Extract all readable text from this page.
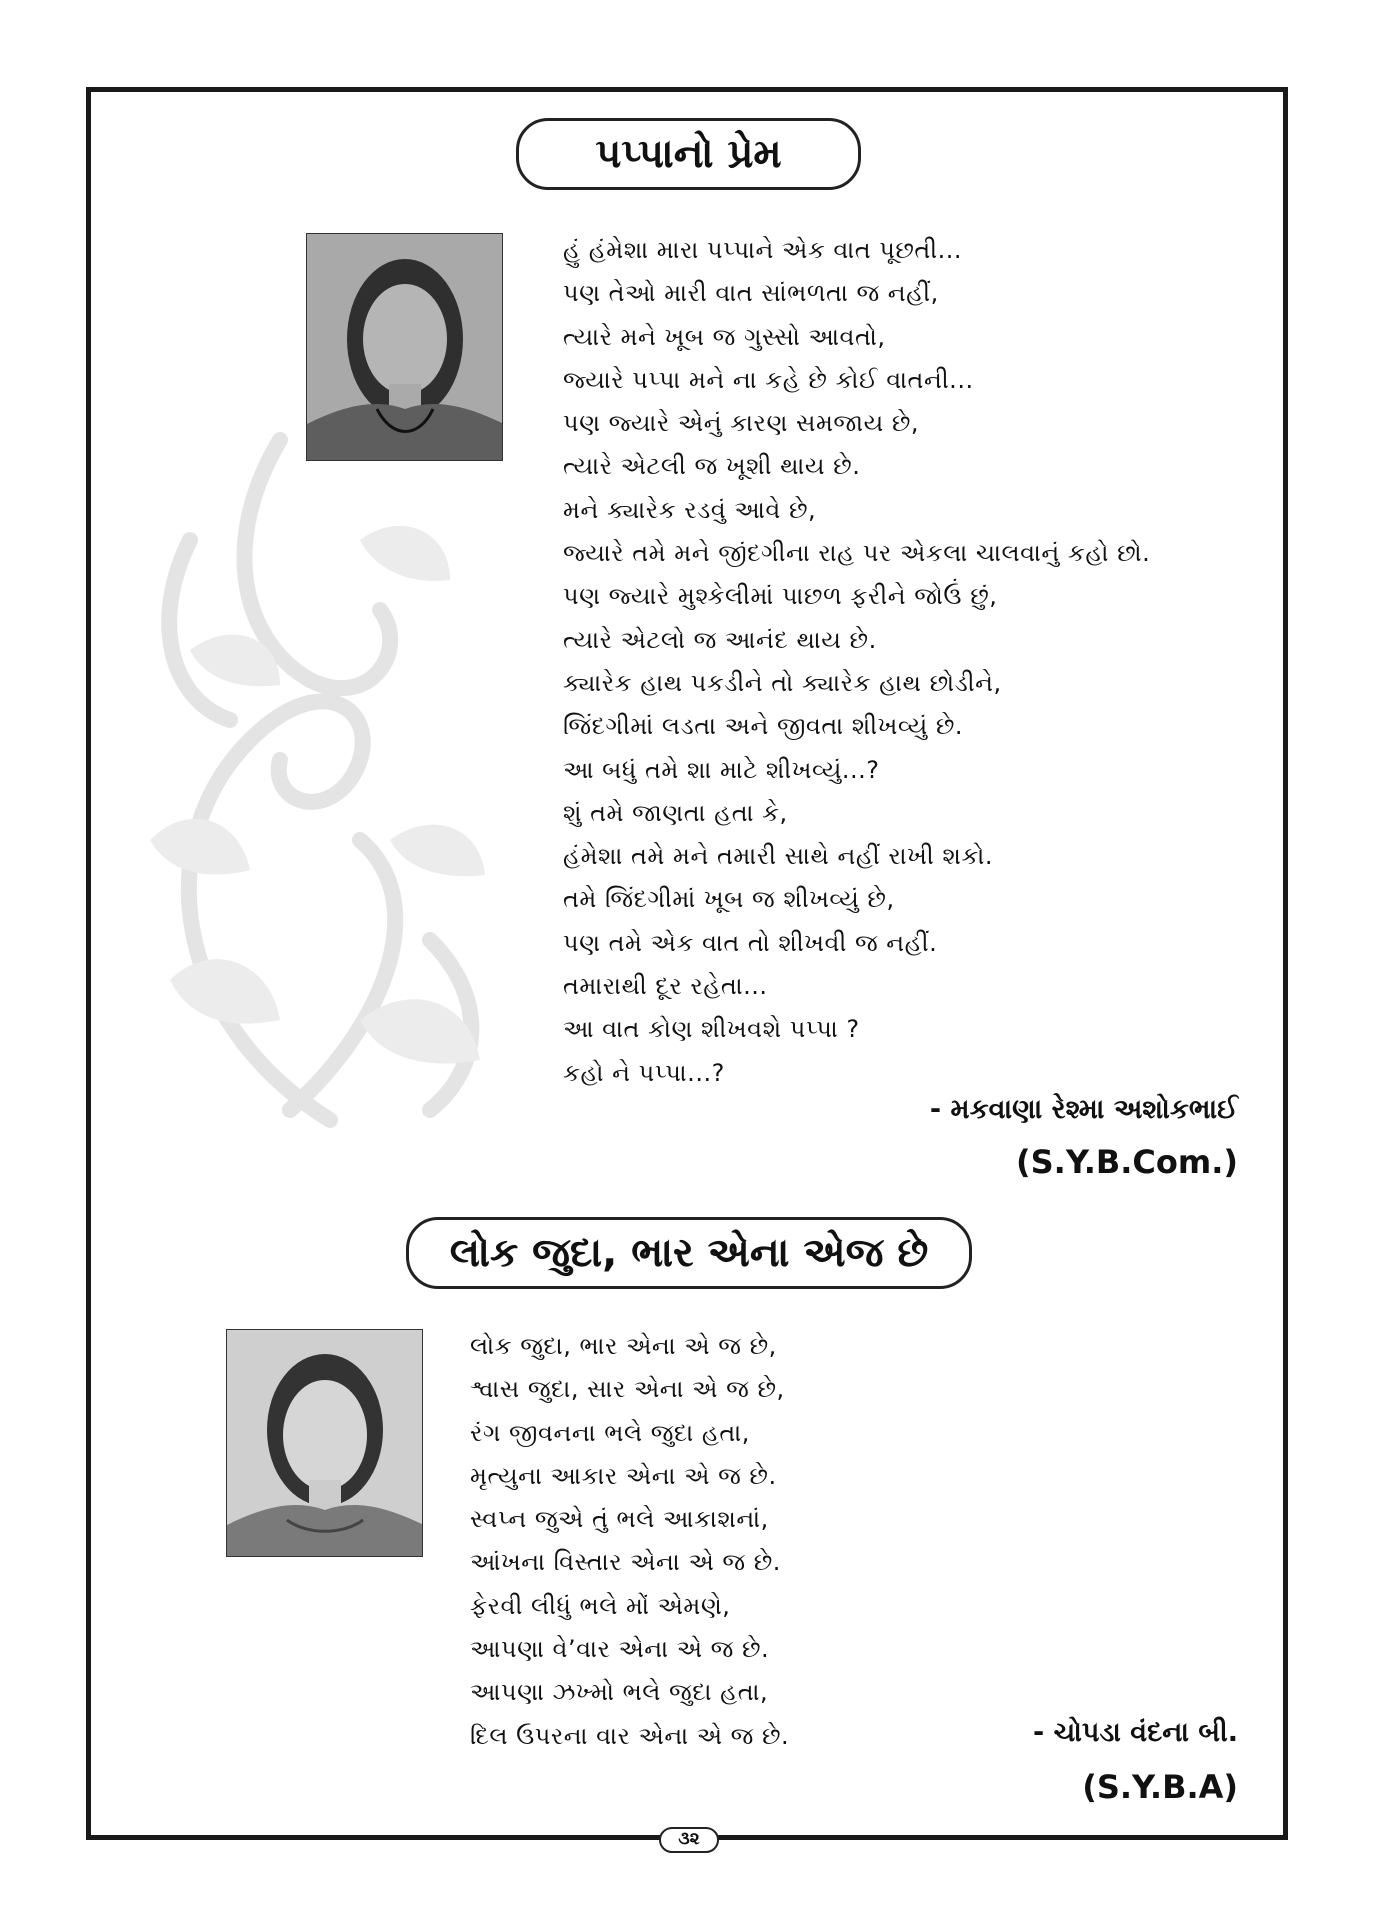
પપ્પાનો પ્રેમ
હું હંમેશા મારા પપ્પાને એક વાત પૂછતી...
પણ તેઓ મારી વાત સાંભળતા જ નહીં,
ત્યારે મને ખૂબ જ ગુસ્સો આવતો,
જ્યારે પપ્પા મને ના કહે છે કોઈ વાતની...
પણ જ્યારે એનું કારણ સમજાય છે,
ત્યારે એટલી જ ખૂશી થાય છે.
મને ક્યારેક રડવું આવે છે,
જ્યારે તમે મને જીંદગીના રાહ પર એકલા ચાલવાનું કહો છો.
પણ જ્યારે મુશ્કેલીમાં પાછળ ફરીને જોઉં છું,
ત્યારે એટલો જ આનંદ થાય છે.
ક્યારેક હાથ પકડીને તો ક્યારેક હાથ છોડીને,
જિંદગીમાં લડતા અને જીવતા શીખવ્યું છે.
આ બધું તમે શા માટે શીખવ્યું...?
શું તમે જાણતા હતા કે,
હંમેશા તમે મને તમારી સાથે નહીં રાખી શકો.
તમે જિંદગીમાં ખૂબ જ શીખવ્યું છે,
પણ તમે એક વાત તો શીખવી જ નહીં.
તમારાથી દૂર રહેતા...
આ વાત કોણ શીખવશે પપ્પા ?
કહો ને પપ્પા...?
- મકવાણા રેશ્મા અશોકભાઈ
(S.Y.B.Com.)
લોક જુદા, ભાર એના એજ છે
લોક જુદા, ભાર એના એ જ છે,
શ્વાસ જુદા, સાર એના એ જ છે,
રંગ જીવનના ભલે જુદા હતા,
મૃત્યુના આકાર એના એ જ છે.
સ્વપ્ન જુએ તું ભલે આકાશનાં,
આંખના વિસ્તાર એના એ જ છે.
ફેરવી લીધું ભલે મોં એમણે,
આપણા વે’વાર એના એ જ છે.
આપણા ઝખ્મો ભલે જુદા હતા,
દિલ ઉપરના વાર એના એ જ છે.	- ચોપડા વંદના બી.
(S.Y.B.A)
૩૨
